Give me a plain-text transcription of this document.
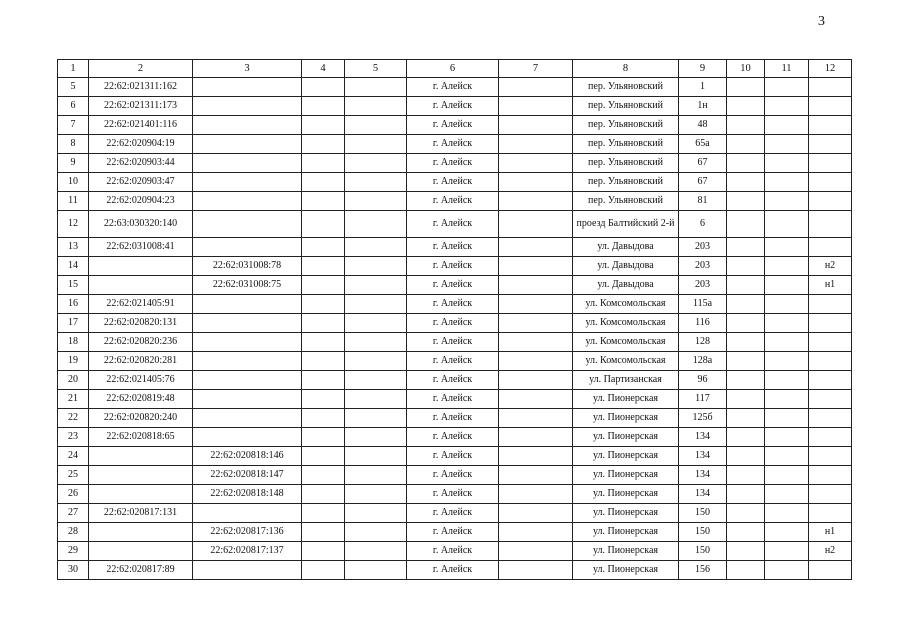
3
1	2	3	4	5	6	7	8	9	10	11	12
5	22:62:021311:162				г. Алейск		пер. Ульяновский	1			
6	22:62:021311:173				г. Алейск		пер. Ульяновский	1н			
7	22:62:021401:116				г. Алейск		пер. Ульяновский	48			
8	22:62:020904:19				г. Алейск		пер. Ульяновский	65а			
9	22:62:020903:44				г. Алейск		пер. Ульяновский	67			
10	22:62:020903:47				г. Алейск		пер. Ульяновский	67			
11	22:62:020904:23				г. Алейск		пер. Ульяновский	81			
12	22:63:030320:140				г. Алейск		проезд Балтийский 2-й	6			
13	22:62:031008:41				г. Алейск		ул. Давыдова	203			
14		22:62:031008:78			г. Алейск		ул. Давыдова	203			н2
15		22:62:031008:75			г. Алейск		ул. Давыдова	203			н1
16	22:62:021405:91				г. Алейск		ул. Комсомольская	115а			
17	22:62:020820:131				г. Алейск		ул. Комсомольская	116			
18	22:62:020820:236				г. Алейск		ул. Комсомольская	128			
19	22:62:020820:281				г. Алейск		ул. Комсомольская	128а			
20	22:62:021405:76				г. Алейск		ул. Партизанская	96			
21	22:62:020819:48				г. Алейск		ул. Пионерская	117			
22	22:62:020820:240				г. Алейск		ул. Пионерская	125б			
23	22:62:020818:65				г. Алейск		ул. Пионерская	134			
24		22:62:020818:146			г. Алейск		ул. Пионерская	134			
25		22:62:020818:147			г. Алейск		ул. Пионерская	134			
26		22:62:020818:148			г. Алейск		ул. Пионерская	134			
27	22:62:020817:131				г. Алейск		ул. Пионерская	150			
28		22:62:020817:136			г. Алейск		ул. Пионерская	150			н1
29		22:62:020817:137			г. Алейск		ул. Пионерская	150			н2
30	22:62:020817:89				г. Алейск		ул. Пионерская	156			
